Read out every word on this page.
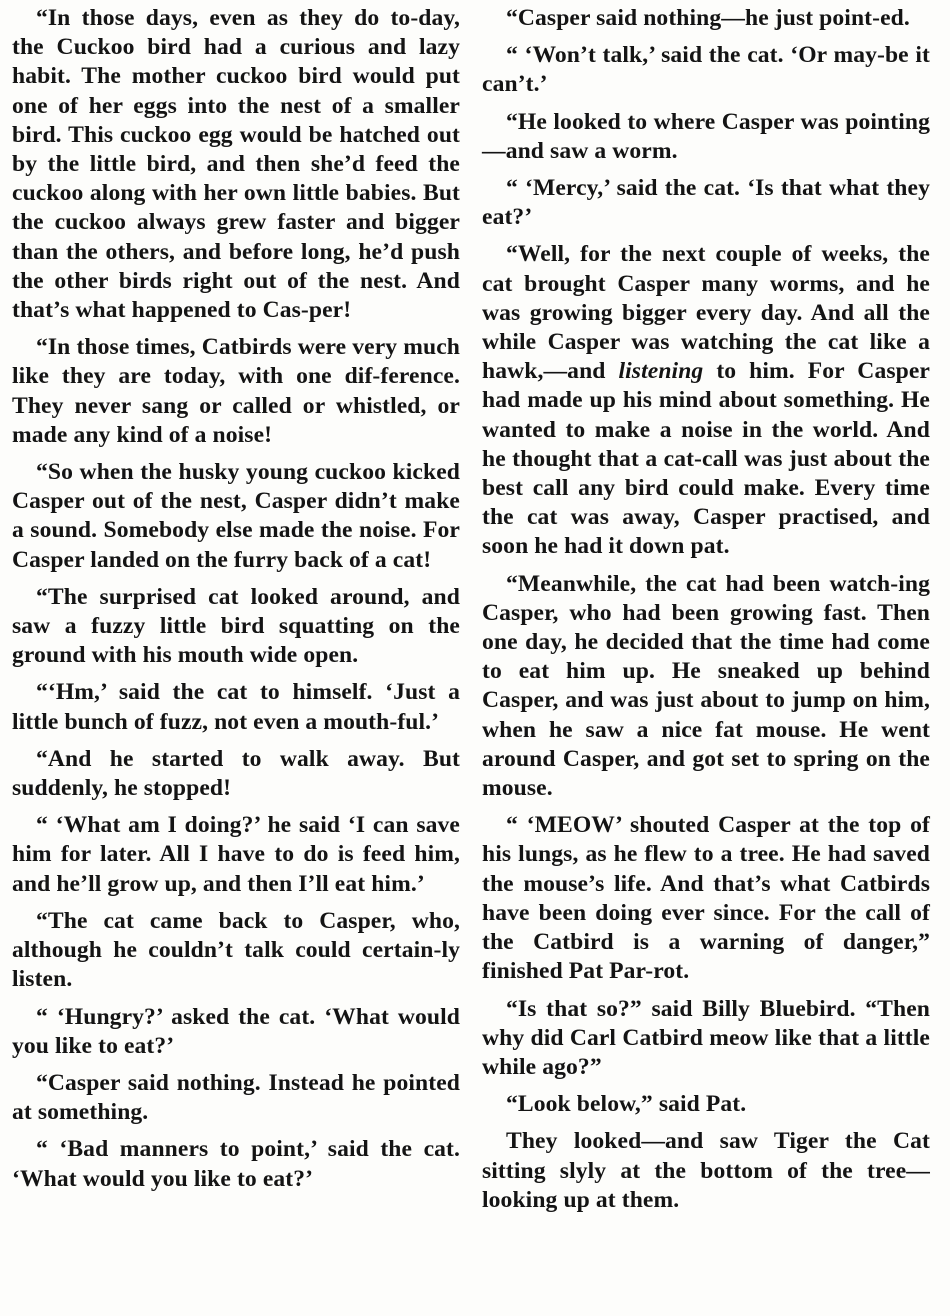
“In those days, even as they do to-day, the Cuckoo bird had a curious and lazy habit. The mother cuckoo bird would put one of her eggs into the nest of a smaller bird. This cuckoo egg would be hatched out by the little bird, and then she’d feed the cuckoo along with her own little babies. But the cuckoo always grew faster and bigger than the others, and before long, he’d push the other birds right out of the nest. And that’s what happened to Cas-per!

“In those times, Catbirds were very much like they are today, with one dif-ference. They never sang or called or whistled, or made any kind of a noise!

“So when the husky young cuckoo kicked Casper out of the nest, Casper didn’t make a sound. Somebody else made the noise. For Casper landed on the furry back of a cat!

“The surprised cat looked around, and saw a fuzzy little bird squatting on the ground with his mouth wide open.

“‘Hm,’ said the cat to himself. ‘Just a little bunch of fuzz, not even a mouth-ful.’

“And he started to walk away. But suddenly, he stopped!

“ ‘What am I doing?’ he said ‘I can save him for later. All I have to do is feed him, and he’ll grow up, and then I’ll eat him.’

“The cat came back to Casper, who, although he couldn’t talk could certain-ly listen.

“ ‘Hungry?’ asked the cat. ‘What would you like to eat?’

“Casper said nothing. Instead he pointed at something.

“ ‘Bad manners to point,’ said the cat. ‘What would you like to eat?’

“Casper said nothing—he just point-ed.

“ ‘Won’t talk,’ said the cat. ‘Or may-be it can’t.’

“He looked to where Casper was pointing—and saw a worm.

“ ‘Mercy,’ said the cat. ‘Is that what they eat?’

“Well, for the next couple of weeks, the cat brought Casper many worms, and he was growing bigger every day. And all the while Casper was watching the cat like a hawk,—and listening to him. For Casper had made up his mind about something. He wanted to make a noise in the world. And he thought that a cat-call was just about the best call any bird could make. Every time the cat was away, Casper practised, and soon he had it down pat.

“Meanwhile, the cat had been watch-ing Casper, who had been growing fast. Then one day, he decided that the time had come to eat him up. He sneaked up behind Casper, and was just about to jump on him, when he saw a nice fat mouse. He went around Casper, and got set to spring on the mouse.

“ ‘MEOW’ shouted Casper at the top of his lungs, as he flew to a tree. He had saved the mouse’s life. And that’s what Catbirds have been doing ever since. For the call of the Catbird is a warning of danger,” finished Pat Par-rot.

“Is that so?” said Billy Bluebird. “Then why did Carl Catbird meow like that a little while ago?”

“Look below,” said Pat.

They looked—and saw Tiger the Cat sitting slyly at the bottom of the tree—looking up at them.
